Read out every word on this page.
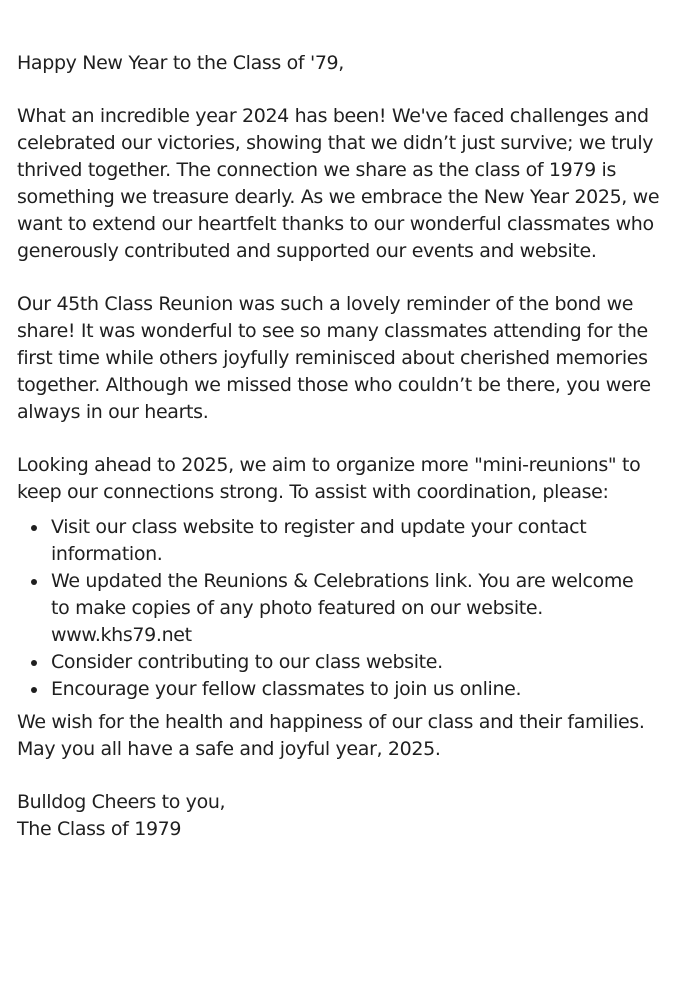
Happy New Year to the Class of '79,

What an incredible year 2024 has been! We've faced challenges and
celebrated our victories, showing that we didn’t just survive; we truly
thrived together. The connection we share as the class of 1979 is
something we treasure dearly. As we embrace the New Year 2025, we
want to extend our heartfelt thanks to our wonderful classmates who
generously contributed and supported our events and website.

Our 45th Class Reunion was such a lovely reminder of the bond we
share! It was wonderful to see so many classmates attending for the
first time while others joyfully reminisced about cherished memories
together. Although we missed those who couldn’t be there, you were
always in our hearts.

Looking ahead to 2025, we aim to organize more "mini-reunions" to
keep our connections strong. To assist with coordination, please:

Visit our class website to register and update your contact
information.
We updated the Reunions & Celebrations link. You are welcome
to make copies of any photo featured on our website.
www.khs79.net
Consider contributing to our class website.
Encourage your fellow classmates to join us online.

We wish for the health and happiness of our class and their families.
May you all have a safe and joyful year, 2025.

Bulldog Cheers to you,
The Class of 1979
